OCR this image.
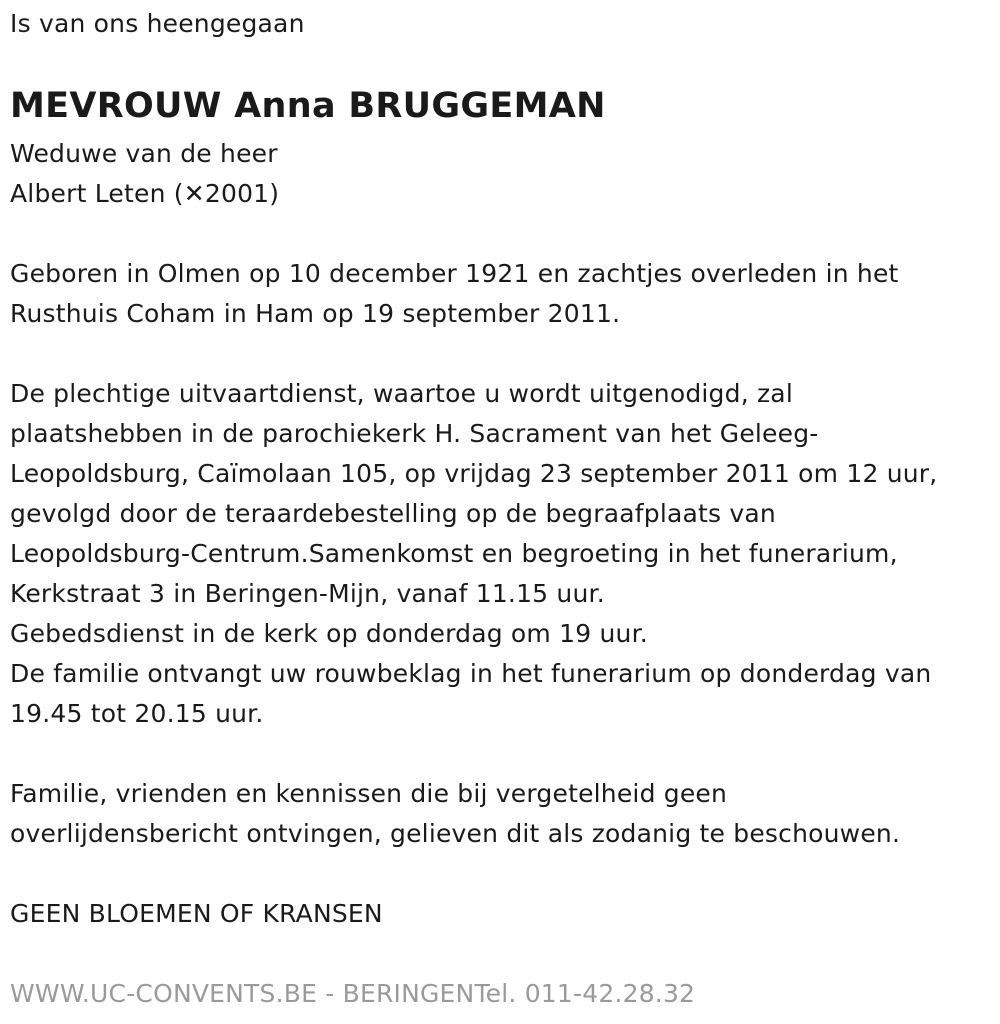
Is van ons heengegaan
MEVROUW Anna BRUGGEMAN
Weduwe van de heer
Albert Leten (✕2001)
Geboren in Olmen op 10 december 1921 en zachtjes overleden in het
Rusthuis Coham in Ham op 19 september 2011.
De plechtige uitvaartdienst, waartoe u wordt uitgenodigd, zal
plaatshebben in de parochiekerk H. Sacrament van het Geleeg-
Leopoldsburg, Caïmolaan 105, op vrijdag 23 september 2011 om 12 uur,
gevolgd door de teraardebestelling op de begraafplaats van
Leopoldsburg-Centrum.Samenkomst en begroeting in het funerarium,
Kerkstraat 3 in Beringen-Mijn, vanaf 11.15 uur.
Gebedsdienst in de kerk op donderdag om 19 uur.
De familie ontvangt uw rouwbeklag in het funerarium op donderdag van
19.45 tot 20.15 uur.
Familie, vrienden en kennissen die bij vergetelheid geen
overlijdensbericht ontvingen, gelieven dit als zodanig te beschouwen.
GEEN BLOEMEN OF KRANSEN
WWW.UC-CONVENTS.BE - BERINGENTel. 011-42.28.32
